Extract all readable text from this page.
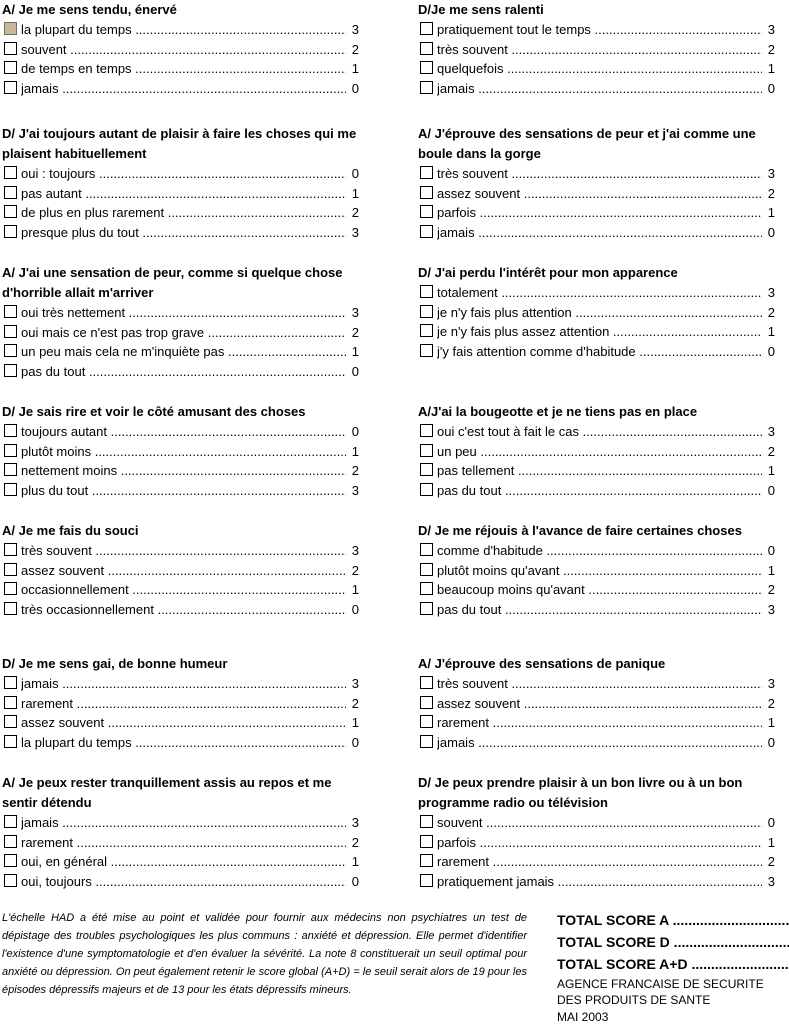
L'échelle HAD a été mise au point et validée pour fournir aux médecins non psychiatres un test de dépistage des troubles psychologiques les plus communs : anxiété et dépression. Elle permet d'identifier l'existence d'une symptomatologie et d'en évaluer la sévérité. La note 8 constituerait un seuil optimal pour anxiété ou dépression. On peut également retenir le score global (A+D) = le seuil serait alors de 19 pour les épisodes dépressifs majeurs et de 13 pour les états dépressifs mineurs.
TOTAL SCORE A .....
TOTAL SCORE D .....
TOTAL SCORE A+D .....
AGENCE FRANCAISE DE SECURITE DES PRODUITS DE SANTE
MAI 2003
A/ Je me sens tendu, énervé
la plupart du temps .....	3
souvent .....	2
de temps en temps .....	1
jamais .....	0
D/ J'ai toujours autant de plaisir à faire les choses qui me plaisent habituellement
oui : toujours .....	0
pas autant .....	1
de plus en plus rarement .....	2
presque plus du tout .....	3
A/ J'ai une sensation de peur, comme si quelque chose d'horrible allait m'arriver
oui très nettement .....	3
oui mais ce n'est pas trop grave .....	2
un peu mais cela ne m'inquiète pas .....	1
pas du tout .....	0
D/ Je sais rire et voir le côté amusant des choses
toujours autant .....	0
plutôt moins .....	1
nettement moins .....	2
plus du tout .....	3
A/ Je me fais du souci
très souvent .....	3
assez souvent .....	2
occasionnellement .....	1
très occasionnellement .....	0
D/ Je me sens gai, de bonne humeur
jamais .....	3
rarement .....	2
assez souvent .....	1
la plupart du temps .....	0
A/ Je peux rester tranquillement assis au repos et me sentir détendu
jamais .....	3
rarement .....	2
oui, en général .....	1
oui, toujours .....	0
D/Je me sens ralenti
pratiquement tout le temps .....	3
très souvent .....	2
quelquefois .....	1
jamais .....	0
A/ J'éprouve des sensations de peur et j'ai comme une boule dans la gorge
très souvent .....	3
assez souvent .....	2
parfois .....	1
jamais .....	0
D/ J'ai perdu l'intérêt pour mon apparence
totalement .....	3
je n'y fais plus attention .....	2
je n'y fais plus assez attention .....	1
j'y fais attention comme d'habitude .....	0
A/J'ai la bougeotte et je ne tiens pas en place
oui c'est tout à fait le cas .....	3
un peu .....	2
pas tellement .....	1
pas du tout .....	0
D/ Je me réjouis à l'avance de faire certaines choses
comme d'habitude .....	0
plutôt moins qu'avant .....	1
beaucoup moins qu'avant .....	2
pas du tout .....	3
A/ J'éprouve des sensations de panique
très souvent .....	3
assez souvent .....	2
rarement .....	1
jamais .....	0
D/ Je peux prendre plaisir à un bon livre ou à un bon programme radio ou télévision
souvent .....	0
parfois .....	1
rarement .....	2
pratiquement jamais .....	3
